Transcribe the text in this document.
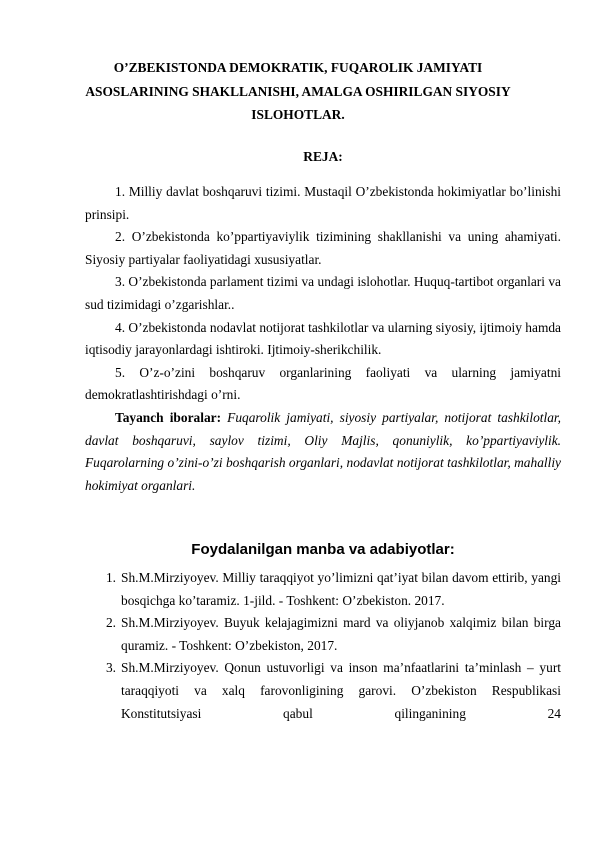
O’ZBEKISTONDA DEMOKRATIK, FUQAROLIK JAMIYATI ASOSLARINING SHAKLLANISHI, AMALGA OSHIRILGAN SIYOSIY ISLOHOTLAR.
REJA:

1. Milliy davlat boshqaruvi tizimi. Mustaqil O’zbekistonda hokimiyatlar bo’linishi prinsipi.

2. O’zbekistonda ko’ppartiyaviylik tizimining shakllanishi va uning ahamiyati. Siyosiy partiyalar faoliyatidagi xususiyatlar.

3. O’zbekistonda parlament tizimi va undagi islohotlar. Huquq-tartibot organlari va sud tizimidagi o’zgarishlar..

4. O’zbekistonda nodavlat notijorat tashkilotlar va ularning siyosiy, ijtimoiy hamda iqtisodiy jarayonlardagi ishtiroki. Ijtimoiy-sherikchilik.

5. O’z-o’zini boshqaruv organlarining faoliyati va ularning jamiyatni demokratlashtirishdagi o’rni.

Tayanch iboralar: Fuqarolik jamiyati, siyosiy partiyalar, notijorat tashkilotlar, davlat boshqaruvi, saylov tizimi, Oliy Majlis, qonuniylik, ko’ppartiyaviylik. Fuqarolarning o’zini-o’zi boshqarish organlari, nodavlat notijorat tashkilotlar, mahalliy hokimiyat organlari.

Foydalanilgan manba va adabiyotlar:
1. Sh.M.Mirziyoyev. Milliy taraqqiyot yo’limizni qat’iyat bilan davom ettirib, yangi bosqichga ko’taramiz. 1-jild. - Toshkent: O’zbekiston. 2017.
2. Sh.M.Mirziyoyev. Buyuk kelajagimizni mard va oliyjanob xalqimiz bilan birga quramiz. - Toshkent: O’zbekiston, 2017.
3. Sh.M.Mirziyoyev. Qonun ustuvorligi va inson ma’nfaatlarini ta’minlash – yurt taraqqiyoti va xalq farovonligining garovi. O’zbekiston Respublikasi Konstitutsiyasi qabul qilinganining 24
